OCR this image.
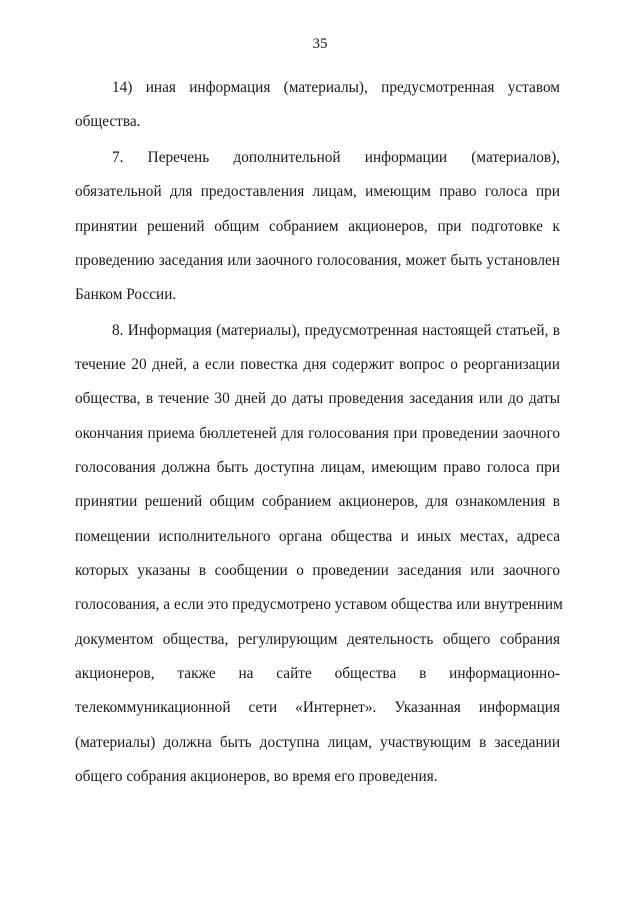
35
14) иная информация (материалы), предусмотренная уставом
общества.
7. Перечень дополнительной информации (материалов),
обязательной для предоставления лицам, имеющим право голоса при
принятии решений общим собранием акционеров, при подготовке к
проведению заседания или заочного голосования, может быть установлен
Банком России.
8. Информация (материалы), предусмотренная настоящей статьей, в
течение 20 дней, а если повестка дня содержит вопрос о реорганизации
общества, в течение 30 дней до даты проведения заседания или до даты
окончания приема бюллетеней для голосования при проведении заочного
голосования должна быть доступна лицам, имеющим право голоса при
принятии решений общим собранием акционеров, для ознакомления в
помещении исполнительного органа общества и иных местах, адреса
которых указаны в сообщении о проведении заседания или заочного
голосования, а если это предусмотрено уставом общества или внутренним
документом общества, регулирующим деятельность общего собрания
акционеров, также на сайте общества в информационно-
телекоммуникационной сети «Интернет». Указанная информация
(материалы) должна быть доступна лицам, участвующим в заседании
общего собрания акционеров, во время его проведения.
